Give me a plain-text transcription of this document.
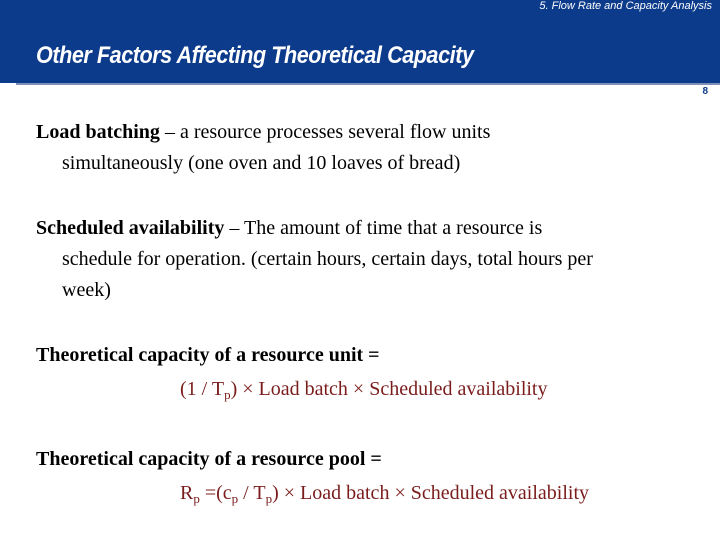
5. Flow Rate and Capacity Analysis
Other Factors Affecting Theoretical Capacity
8
Load batching – a resource processes several flow units
simultaneously (one oven and 10 loaves of bread)
Scheduled availability – The amount of time that a resource is
schedule for operation. (certain hours, certain days, total hours per
week)
Theoretical capacity of a resource unit =
$(1 / T_p)$ × Load batch × Scheduled availability
Theoretical capacity of a resource pool =
$R_p =(c_p / T_p)$ × Load batch × Scheduled availability
